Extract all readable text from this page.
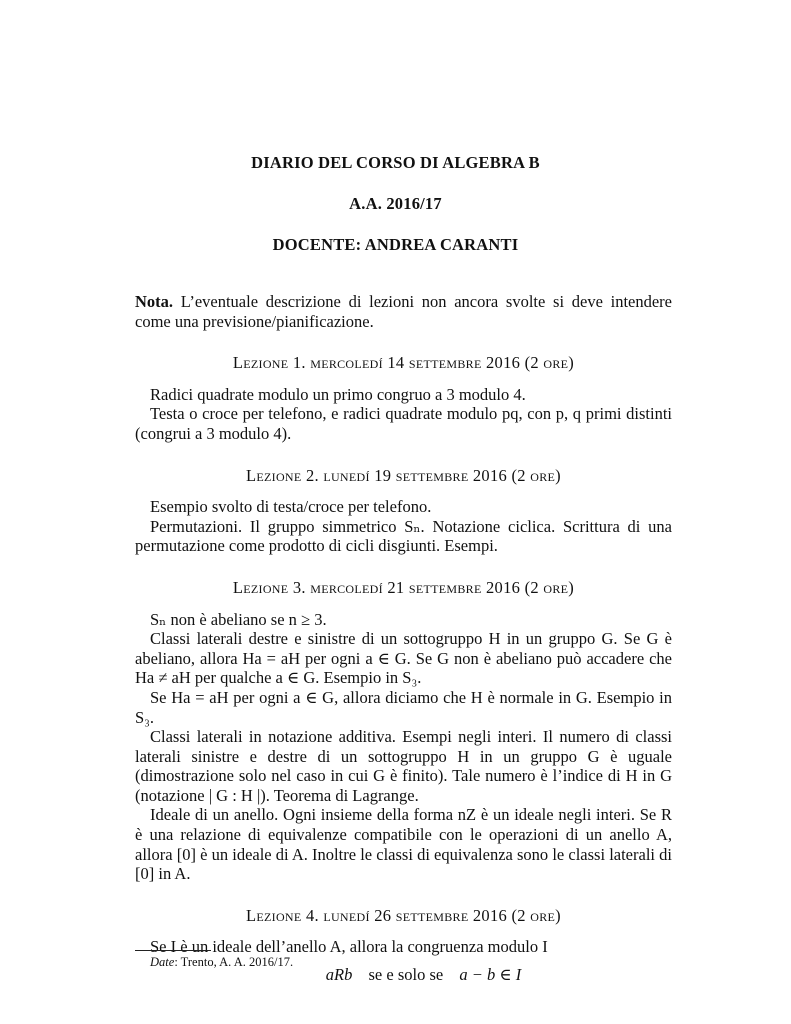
DIARIO DEL CORSO DI ALGEBRA B
A.A. 2016/17
DOCENTE: ANDREA CARANTI

Nota. L’eventuale descrizione di lezioni non ancora svolte si deve intendere come una previsione/pianificazione.

Lezione 1. mercoledí 14 settembre 2016 (2 ore)

Radici quadrate modulo un primo congruo a 3 modulo 4.

Testa o croce per telefono, e radici quadrate modulo pq, con p, q primi distinti (congrui a 3 modulo 4).

Lezione 2. lunedí 19 settembre 2016 (2 ore)

Esempio svolto di testa/croce per telefono.

Permutazioni. Il gruppo simmetrico Sₙ. Notazione ciclica. Scrittura di una permutazione come prodotto di cicli disgiunti. Esempi.

Lezione 3. mercoledí 21 settembre 2016 (2 ore)

Sₙ non è abeliano se n ≥ 3.

Classi laterali destre e sinistre di un sottogruppo H in un gruppo G. Se G è abeliano, allora Ha = aH per ogni a ∈ G. Se G non è abeliano può accadere che Ha ≠ aH per qualche a ∈ G. Esempio in S₃.

Se Ha = aH per ogni a ∈ G, allora diciamo che H è normale in G. Esempio in S₃.

Classi laterali in notazione additiva. Esempi negli interi. Il numero di classi laterali sinistre e destre di un sottogruppo H in un gruppo G è uguale (dimostrazione solo nel caso in cui G è finito). Tale numero è l’indice di H in G (notazione | G : H |). Teorema di Lagrange.

Ideale di un anello. Ogni insieme della forma nZ è un ideale negli interi. Se R è una relazione di equivalenze compatibile con le operazioni di un anello A, allora [0] è un ideale di A. Inoltre le classi di equivalenza sono le classi laterali di [0] in A.

Lezione 4. lunedí 26 settembre 2016 (2 ore)

Se I è un ideale dell’anello A, allora la congruenza modulo I

aRb se e solo se a − b ∈ I
Date: Trento, A. A. 2016/17.
